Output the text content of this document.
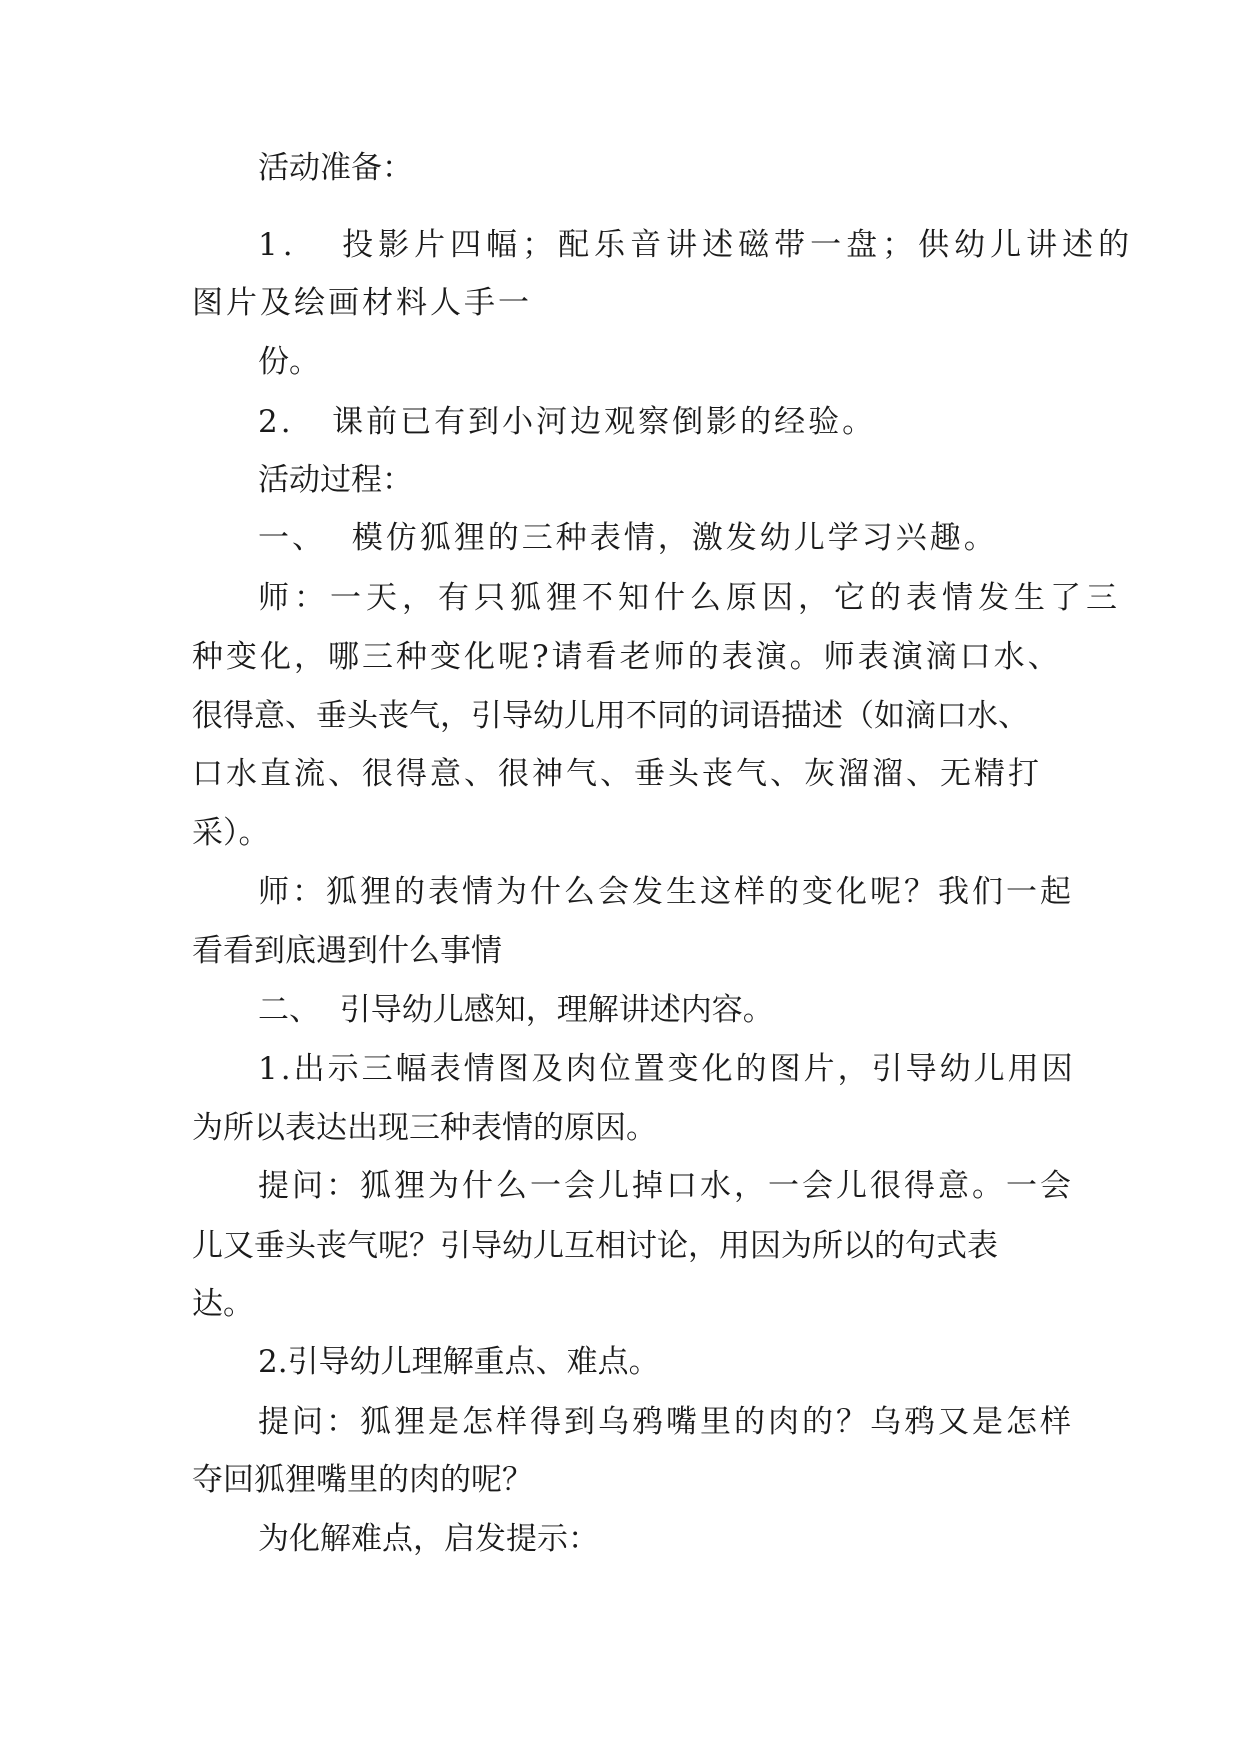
活动准备：

1.   投影片四幅；配乐音讲述磁带一盘；供幼儿讲述的

图片及绘画材料人手一

份。

2.   课前已有到小河边观察倒影的经验。

活动过程：

一、  模仿狐狸的三种表情，激发幼儿学习兴趣。

师：一天，有只狐狸不知什么原因，它的表情发生了三

种变化，哪三种变化呢?请看老师的表演。师表演滴口水、

很得意、垂头丧气，引导幼儿用不同的词语描述（如滴口水、

口水直流、很得意、很神气、垂头丧气、灰溜溜、无精打

采）。

师：狐狸的表情为什么会发生这样的变化呢？我们一起

看看到底遇到什么事情

二、  引导幼儿感知，理解讲述内容。

1.出示三幅表情图及肉位置变化的图片，引导幼儿用因

为所以表达出现三种表情的原因。

提问：狐狸为什么一会儿掉口水，一会儿很得意。一会

儿又垂头丧气呢？引导幼儿互相讨论，用因为所以的句式表

达。

2.引导幼儿理解重点、难点。

提问：狐狸是怎样得到乌鸦嘴里的肉的？乌鸦又是怎样

夺回狐狸嘴里的肉的呢？

为化解难点，启发提示：
